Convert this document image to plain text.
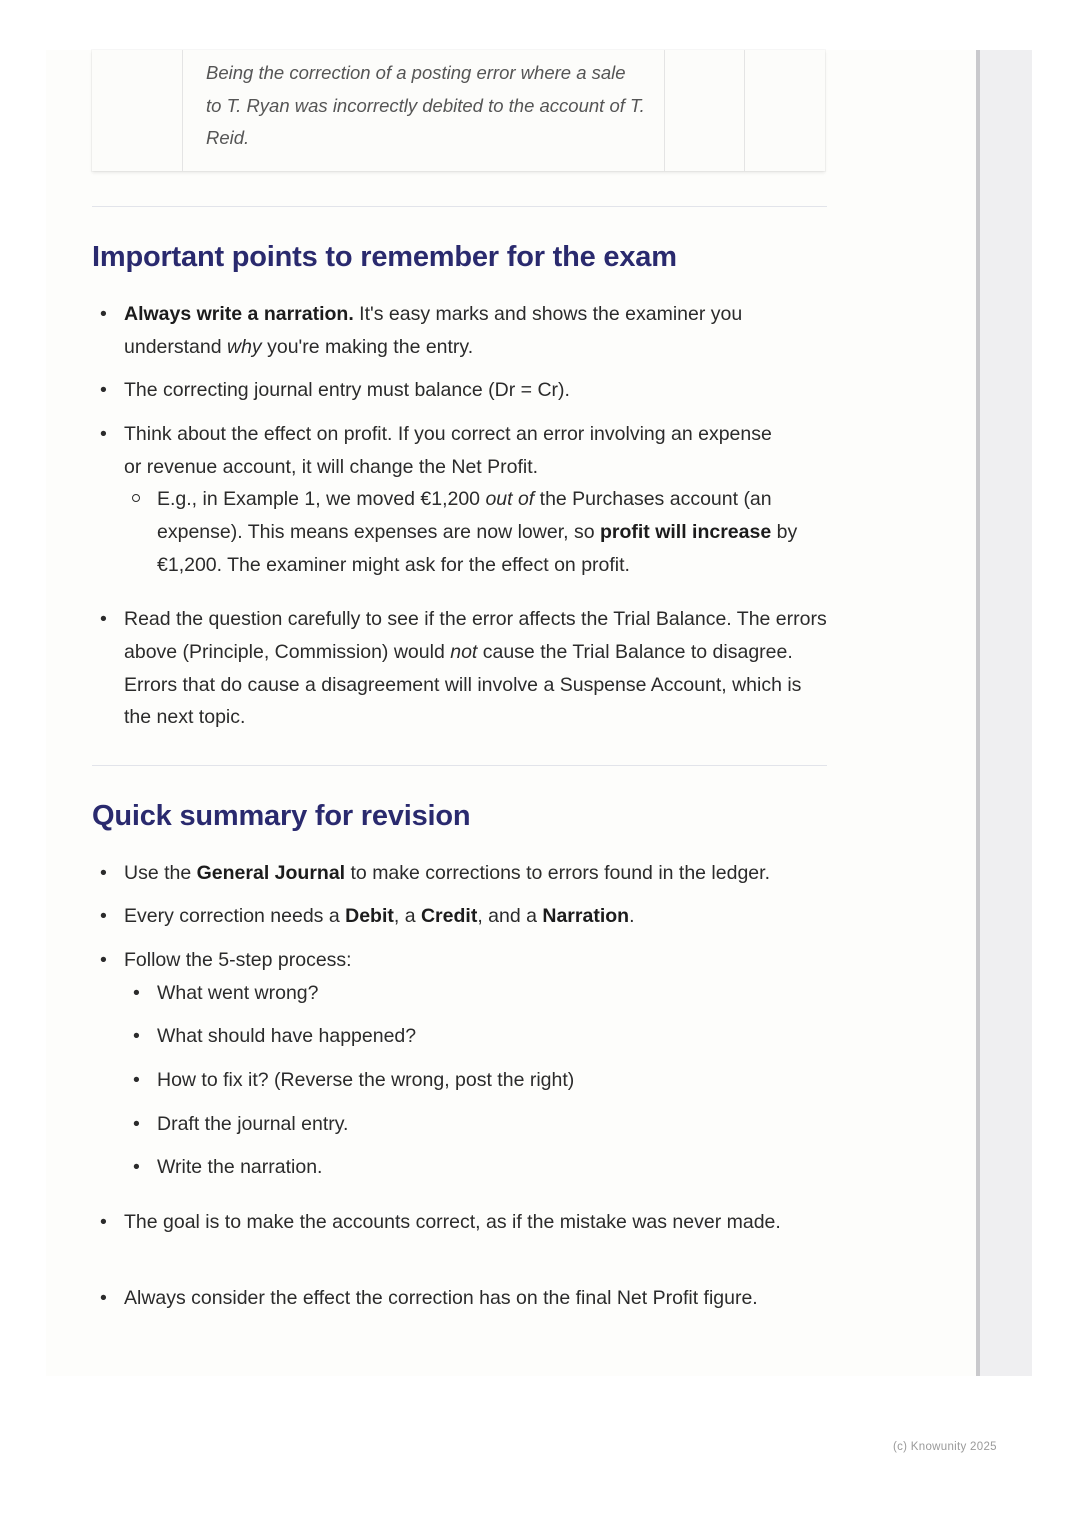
Being the correction of a posting error where a sale to T. Ryan was incorrectly debited to the account of T. Reid.
Important points to remember for the exam
• Always write a narration. It's easy marks and shows the examiner you understand why you're making the entry.
• The correcting journal entry must balance (Dr = Cr).
• Think about the effect on profit. If you correct an error involving an expense or revenue account, it will change the Net Profit.
E.g., in Example 1, we moved €1,200 out of the Purchases account (an expense). This means expenses are now lower, so profit will increase by €1,200. The examiner might ask for the effect on profit.
• Read the question carefully to see if the error affects the Trial Balance. The errors above (Principle, Commission) would not cause the Trial Balance to disagree. Errors that do cause a disagreement will involve a Suspense Account, which is the next topic.
Quick summary for revision
• Use the General Journal to make corrections to errors found in the ledger.
• Every correction needs a Debit, a Credit, and a Narration.
• Follow the 5-step process:
• What went wrong?
• What should have happened?
• How to fix it? (Reverse the wrong, post the right)
• Draft the journal entry.
• Write the narration.
• The goal is to make the accounts correct, as if the mistake was never made.
• Always consider the effect the correction has on the final Net Profit figure.
(c) Knowunity 2025
